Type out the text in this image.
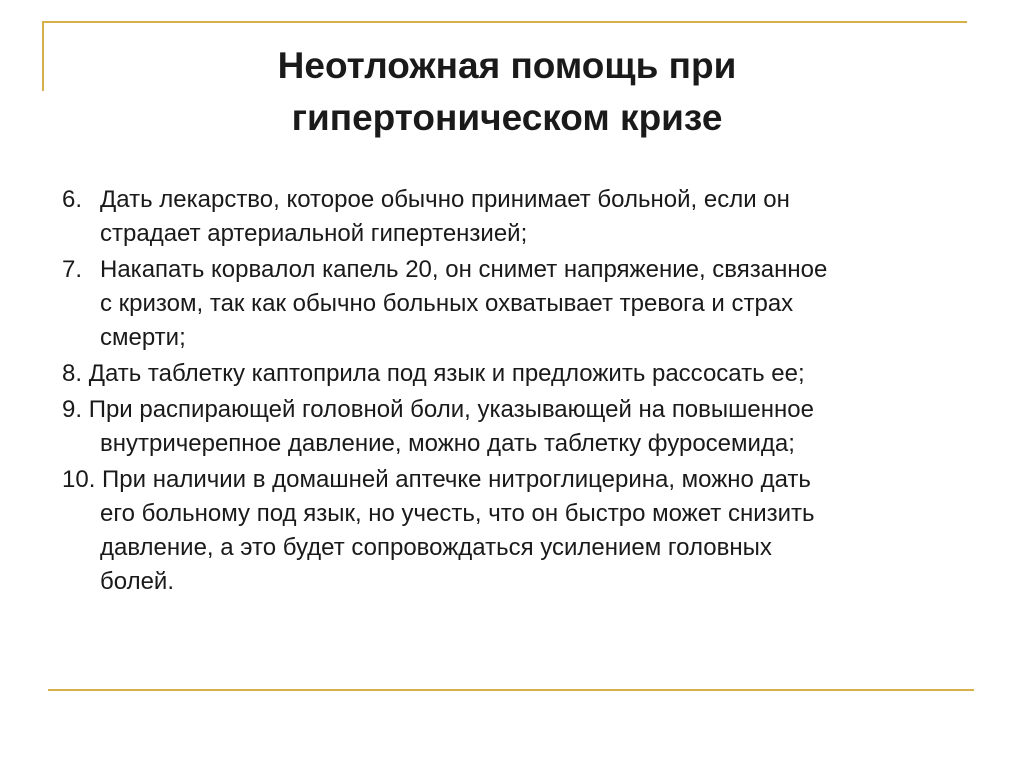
Неотложная помощь при
гипертоническом кризе
6. Дать лекарство, которое обычно принимает больной, если он
страдает артериальной гипертензией;
7. Накапать корвалол капель 20, он снимет напряжение, связанное
с кризом, так как обычно больных охватывает тревога и страх
смерти;
8. Дать таблетку каптоприла под язык и предложить рассосать ее;
9. При распирающей головной боли, указывающей на повышенное
внутричерепное давление, можно дать таблетку фуросемида;
10. При наличии в домашней аптечке нитроглицерина, можно дать
его больному под язык, но учесть, что он быстро может снизить
давление, а это будет сопровождаться усилением головных
болей.
